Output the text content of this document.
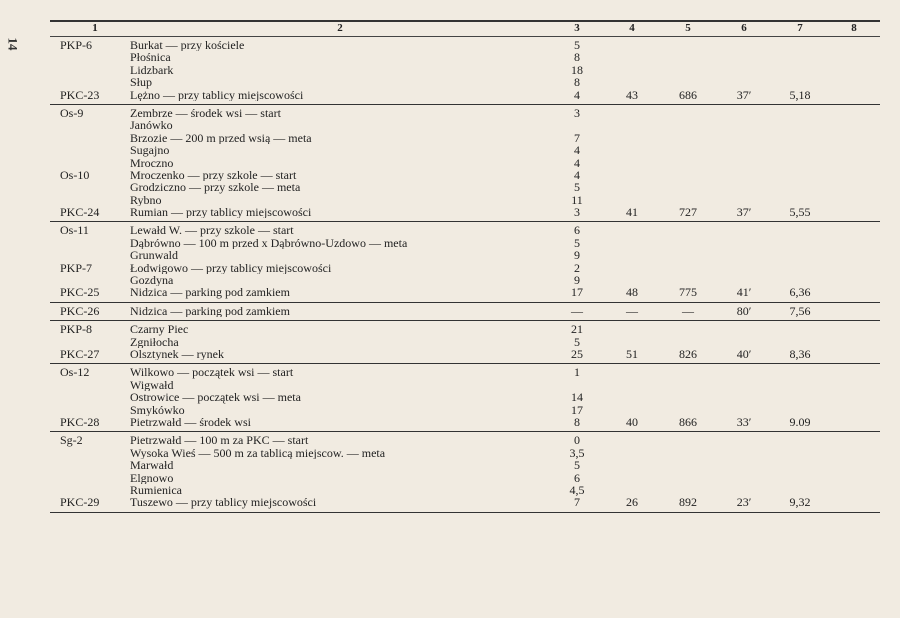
14
1	2	3	4	5	6	7	8
PKP-6	Burkat — przy kościele	5
Płośnica	8
Lidzbark	18
Słup	8
PKC-23	Lężno — przy tablicy miejscowości	4	43	686	37′	5,18
Os-9	Zembrze — środek wsi — start	3
Janówko
Brzozie — 200 m przed wsią — meta	7
Sugajno	4
Mroczno	4
Os-10	Mroczenko — przy szkole — start	4
Grodziczno — przy szkole — meta	5
Rybno	11
PKC-24	Rumian — przy tablicy miejscowości	3	41	727	37′	5,55
Os-11	Lewałd W. — przy szkole — start	6
Dąbrówno — 100 m przed x Dąbrówno-Uzdowo — meta	5
Grunwald	9
PKP-7	Łodwigowo — przy tablicy miejscowości	2
Gozdyna	9
PKC-25	Nidzica — parking pod zamkiem	17	48	775	41′	6,36
PKC-26	Nidzica — parking pod zamkiem	—	—	—	80′	7,56
PKP-8	Czarny Piec	21
Zgniłocha	5
PKC-27	Olsztynek — rynek	25	51	826	40′	8,36
Os-12	Wilkowo — początek wsi — start	1
Wigwałd
Ostrowice — początek wsi — meta	14
Smykówko	17
PKC-28	Pietrzwałd — środek wsi	8	40	866	33′	9.09
Sg-2	Pietrzwałd — 100 m za PKC — start	0
Wysoka Wieś — 500 m za tablicą miejscow. — meta	3,5
Marwałd	5
Elgnowo	6
Rumienica	4,5
PKC-29	Tuszewo — przy tablicy miejscowości	7	26	892	23′	9,32
